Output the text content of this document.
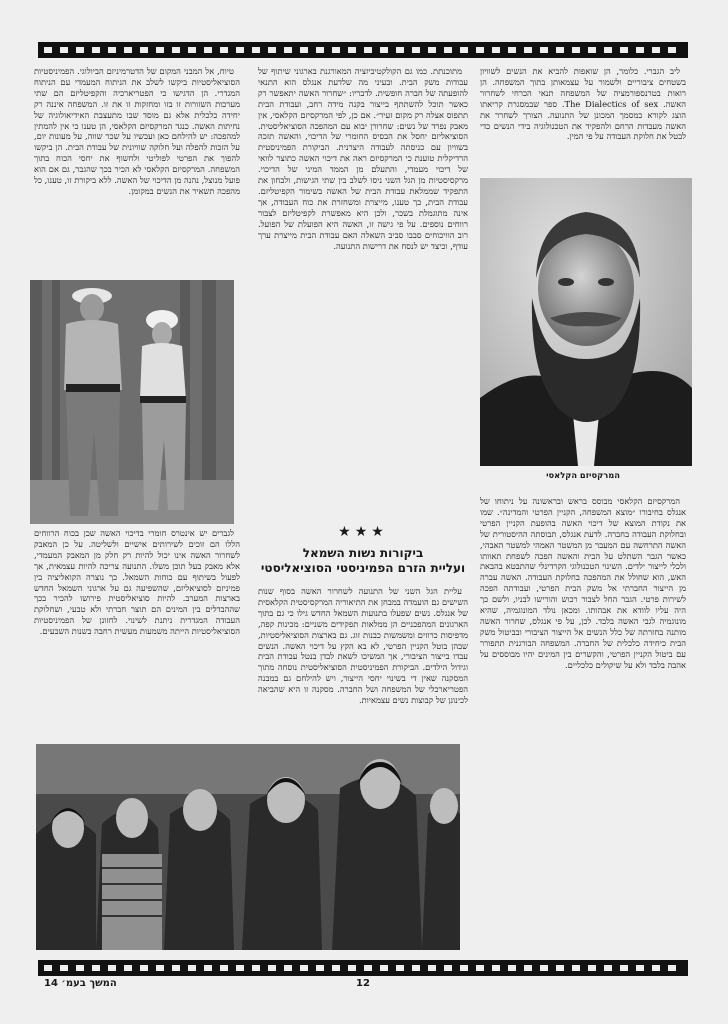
ליב הגברי. כלומר, הן שואפות להביא את הנשים לשוויון בשטחים ציבוריים ולשמור על עצמאותן בתוך המשפחה. הן רואות בטרנספורמציה של המשפחה תנאי הכרחי לשחרור האשה. The Dialectics of sex. ספר שבמסגרת קריאתו הוצג לקורא כמסמך המכונן של התנועה. הצורך לשחרר את האשה מעבדות הרחם ולהפקיד את הטכנולוגיה בידי הנשים כדי לבטל את חלוקת העבודה על פי המין.

המרקסיזם הקלאסי

המרקסיזם הקלאסי מבוסס בראש ובראשונה על ניתוחו של אנגלס בחיבורו ״מוצא המשפחה, הקניין הפרטי והמדינה״. שמו את נקודת המוצא של דיכוי האשה בהופעת הקניין הפרטי ובחלוקת העבודה בחברה. לדעת אנגלס, תבוסתה ההיסטורית של האשה התרחשה עם המעבר מן המשטר האמהי למשטר האבהי, כאשר הגבר השתלט על הבית והאשה הפכה לשפחת תאוותו ולכלי לייצור ילדים. השינוי הטכנולוגי הקרדינלי שהתבטא בהבאת האש, הוא שחולל את המהפכה בחלוקת העבודה. האשה עברה מן הייצור החברתי אל משק הבית הפרטי, ועבודתה הפכה לשירות פרטי. הגבר החל לצבור רכוש והורישו לבניו, ולשם כך היה עליו לוודא את אבהותו. ומכאן נולד המונוגמיה, שהיא מונוגמיה לגבי האשה בלבד. לכן, על פי אנגלס, שחרור האשה מותנה בחזרתה של כלל הנשים אל הייצור הציבורי ובביטול משק הבית כיחידה כלכלית של החברה. המשפחה הבורגנית תתפורר עם ביטול הקניין הפרטי, והקשרים בין המינים יהיו מבוססים על אהבה בלבד ולא על שיקולים כלכליים.

מתוכנתת. כמו גם הקולקטיביזציה המאורגנת בארגוני שיתוף של עבודות משק הבית. ובעיני מה שלדעת אנגלס הוא התנאי להופעתה של חברה חופשית. לדבריו: ״שחרור האשה יתאפשר רק כאשר תוכל להשתתף בייצור בקנה מידה רחב, ועבודת הבית תתפוס אצלה רק מקום זעיר״. אם כן, לפי המרקסיזם הקלאסי, אין מאבק נפרד של נשים: שחרורן יבוא עם המהפכה הסוציאליסטית. הסוציאליזם יחסל את הבסיס החומרי של הדיכוי, והאשה תזכה בשוויון עם כניסתה לעבודה היצרנית. הביקורת הפמיניסטית הרדיקלית טוענת כי המרקסיזם ראה את דיכוי האשה כתוצר לוואי של דיכוי מעמדי, והתעלם מן הממד המיני של הדיכוי. מרקסיסטיות מן הגל השני ניסו לשלב בין שתי הגישות, ולבחון את התפקיד שממלאת עבודת הבית של האשה בשימור הקפיטליזם. עבודת הבית, כך טענו, מייצרת ומשחזרת את כוח העבודה, אך אינה מתוגמלת בשכר, ולכן היא מאפשרת לקפיטליזם לצבור רווחים נוספים. על פי גישה זו, האשה היא הפועלת של הפועל. רוב הוויכוחים סבבו סביב השאלה האם עבודת הבית מייצרת ערך עודף, וכיצד יש לנסח את דרישות התנועה.

★★★
ביקורות נשות השמאל
ועליית הזרם הפמיניסטי הסוציאליסטי

עליית הגל השני של התנועה לשחרור האשה בסוף שנות השישים גם הועמדה במבחן את התיאוריה המרקסיסטית הקלאסית של אנגלס. נשים שפעלו בתנועות השמאל החדש גילו כי גם בתוך הארגונים המהפכניים הן ממלאות תפקידים משניים: מכינות קפה, מדפיסות כרוזים ומשמשות כבנות זוג. גם בארצות הסוציאליסטיות, שבהן בוטל הקניין הפרטי, לא בא הקץ על דיכוי האשה. הנשים עבדו בייצור הציבורי, אך המשיכו לשאת לבדן בנטל עבודת הבית וגידול הילדים. הביקורת הפמיניסטית הסוציאליסטית נוסחה מתוך המסקנה שאין די בשינוי יחסי הייצור, ויש להילחם גם במבנה הפטריארכלי של המשפחה ושל החברה. מסקנה זו היא שהביאה לכינונן של קבוצות נשים עצמאיות.

טיוח, אל המבני המקום של הדטרמיניזם הביולוגי. הפמיניסטיות הסוציאליסטיות ביקשו לשלב את הניתוח המעמדי עם הניתוח המגדרי. הן הדגישו כי הפטריארכיה והקפיטליזם הם שתי מערכות השזורות זו בזו ומחזקות זו את זו. המשפחה איננה רק יחידה כלכלית אלא גם מוסד שבו מתעצבת האידיאולוגיה של נחיתות האשה. כנגד המרקסיזם הקלאסי, הן טענו כי אין להמתין למהפכה: יש להילחם כאן ועכשיו על שכר שווה, על מעונות יום, על הזכות להפלה ועל חלוקה שוויונית של עבודת הבית. הן ביקשו להפוך את הפרטי לפוליטי ולחשוף את יחסי הכוח בתוך המשפחה. המרקסיזם הקלאסי לא הכיר בכך שהגבר, גם אם הוא פועל מנוצל, נהנה מן הדיכוי של האשה. ללא ביקורת זו, טענו, כל מהפכה תשאיר את הנשים במקומן.

לגברים יש אינטרס חומרי בדיכוי האשה שכן בכוח הרווחים הללו הם זוכים לשירותים אישיים ולשליטה. על כן המאבק לשחרור האשה אינו יכול להיות רק חלק מן המאבק המעמדי, אלא מאבק בעל תוכן משלו. התנועה צריכה להיות עצמאית, אך לפעול בשיתוף עם כוחות השמאל. כך נוצרה הקואליציה בין פמיניזם לסוציאליזם, שהשפיעה גם על ארגוני השמאל החדש בארצות המערב. להיות סוציאליסטית פירושו להכיר בכך שההבדלים בין המינים הם תוצר חברתי ולא טבעי, ושחלוקת העבודה המגדרית ניתנת לשינוי. לחזונן של הפמיניסטיות הסוציאליסטיות הייתה משמעות מעשית רחבה בשנות השבעים.

12
המשך בעמ׳ 14
